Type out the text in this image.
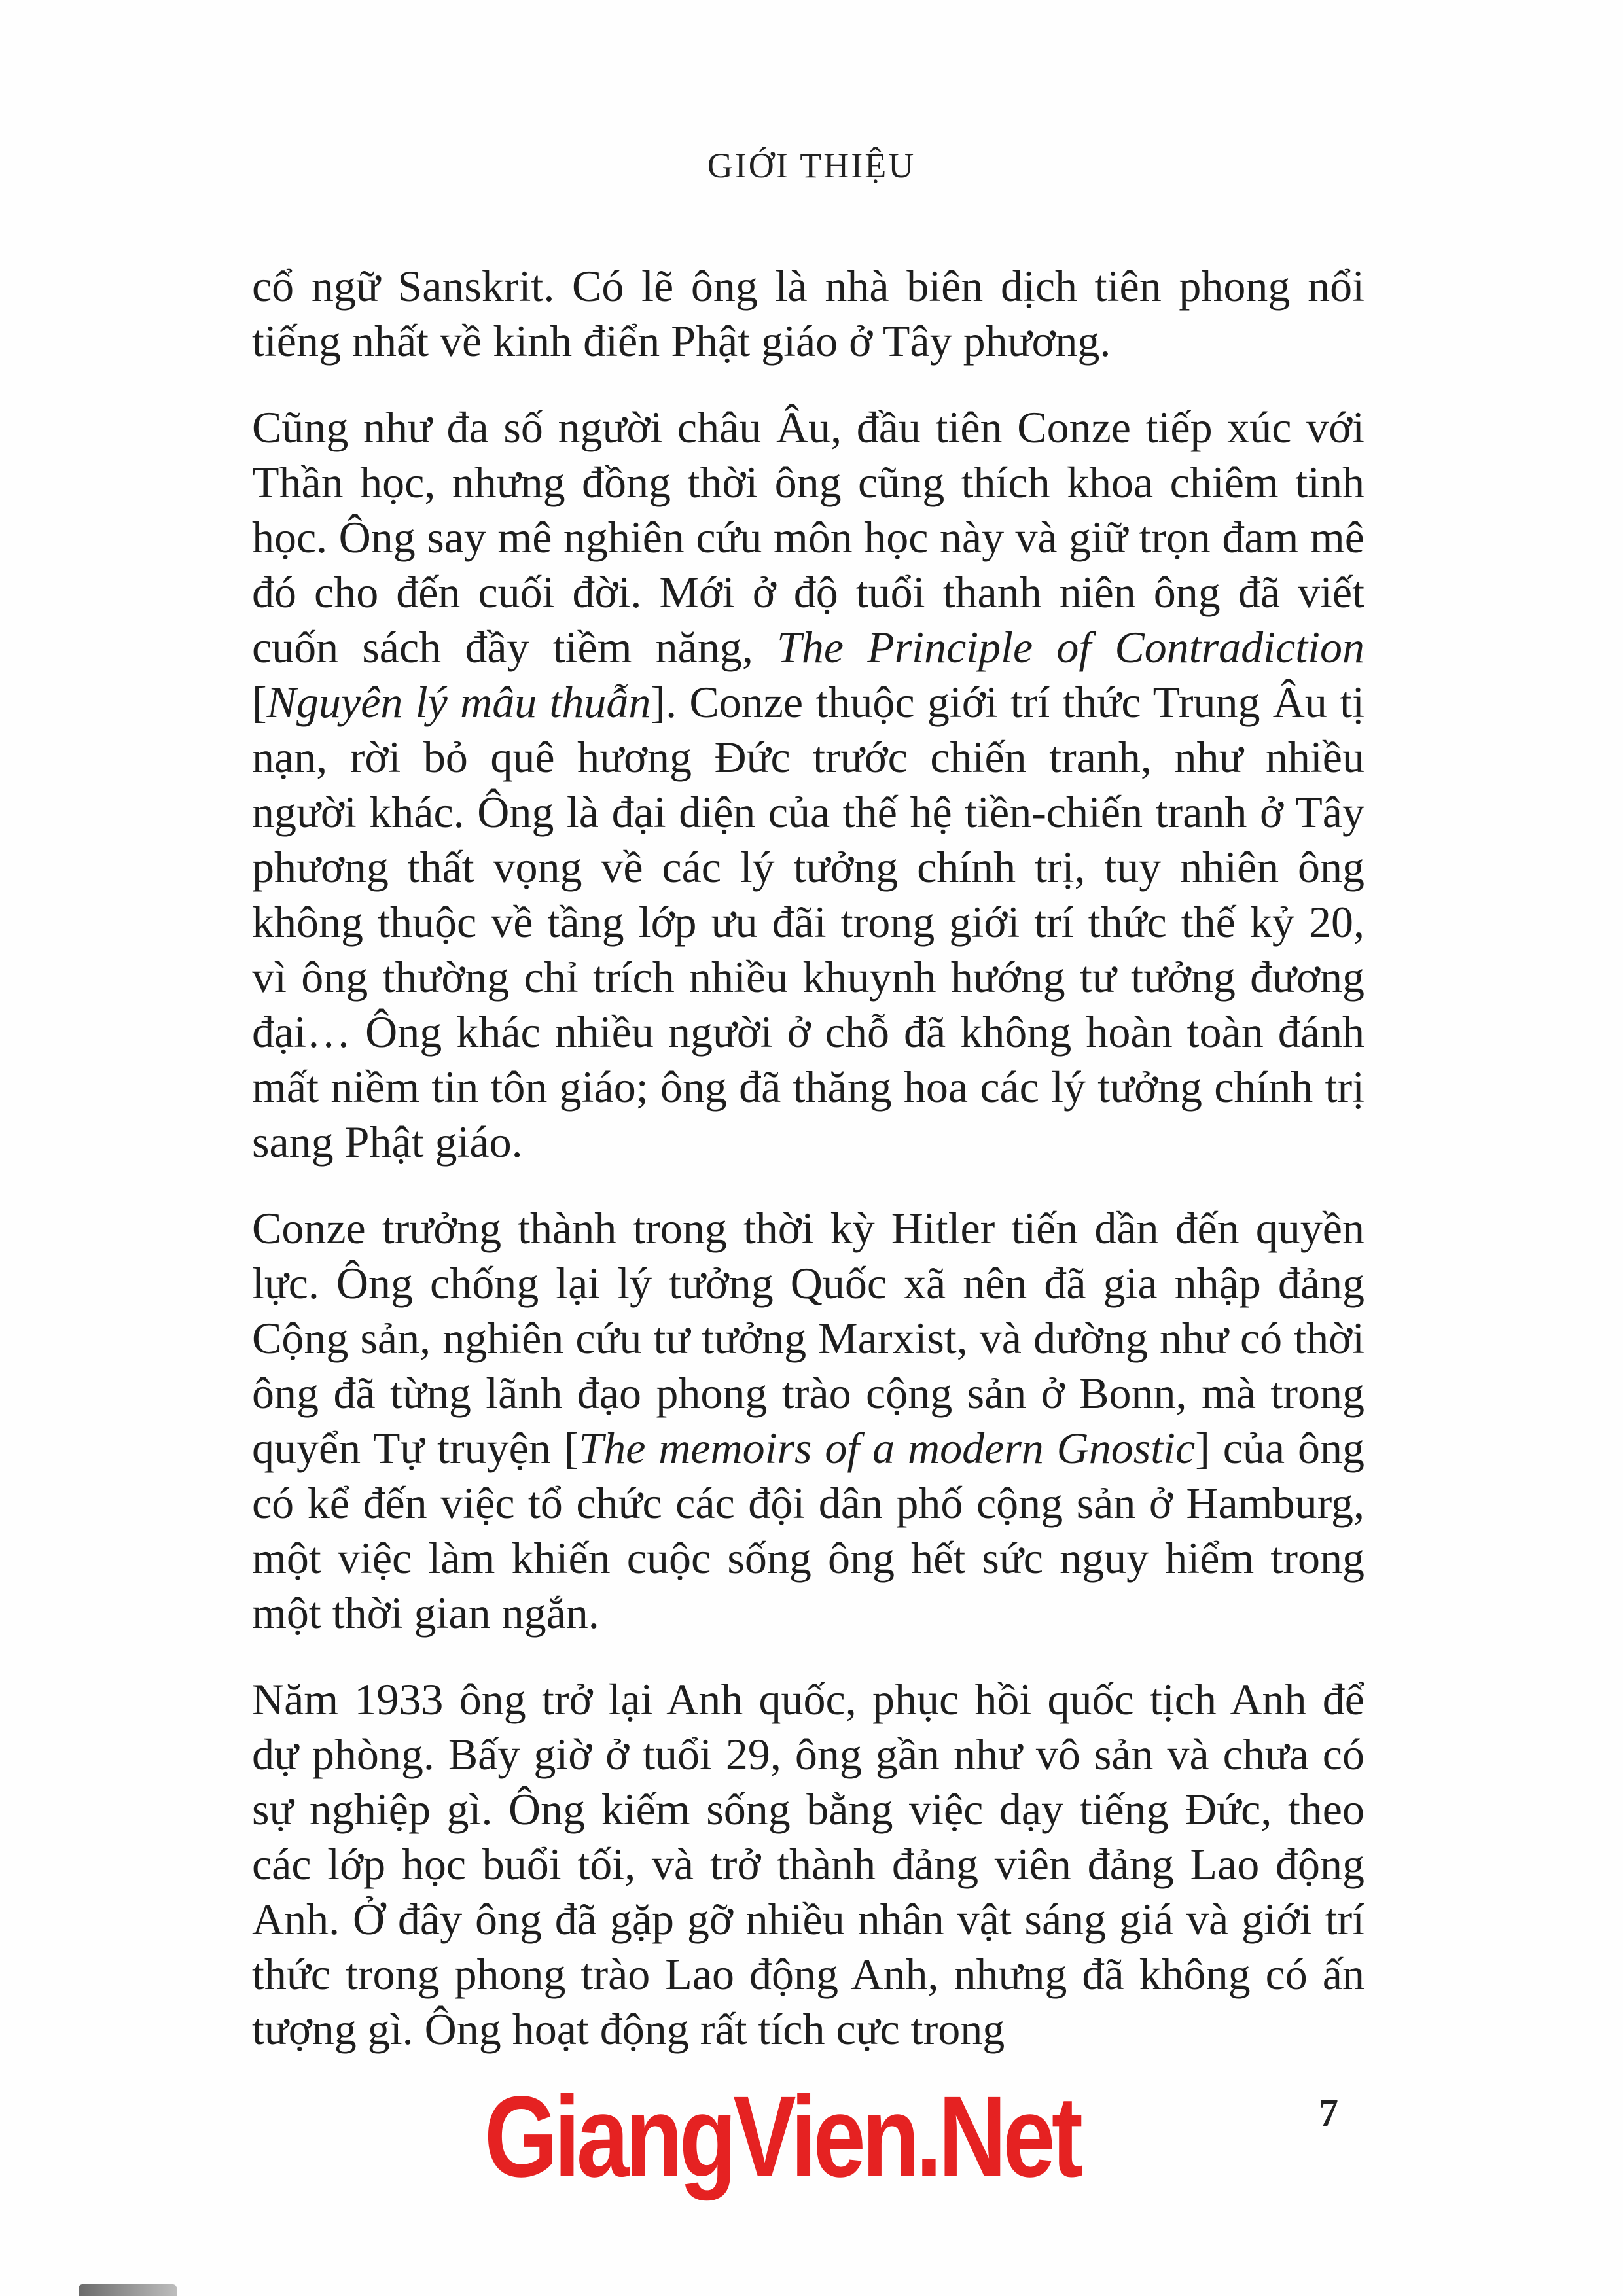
GIỚI THIỆU

cổ ngữ Sanskrit. Có lẽ ông là nhà biên dịch tiên phong nổi tiếng nhất về kinh điển Phật giáo ở Tây phương.

Cũng như đa số người châu Âu, đầu tiên Conze tiếp xúc với Thần học, nhưng đồng thời ông cũng thích khoa chiêm tinh học. Ông say mê nghiên cứu môn học này và giữ trọn đam mê đó cho đến cuối đời. Mới ở độ tuổi thanh niên ông đã viết cuốn sách đầy tiềm năng, The Principle of Contradiction [Nguyên lý mâu thuẫn]. Conze thuộc giới trí thức Trung Âu tị nạn, rời bỏ quê hương Đức trước chiến tranh, như nhiều người khác. Ông là đại diện của thế hệ tiền-chiến tranh ở Tây phương thất vọng về các lý tưởng chính trị, tuy nhiên ông không thuộc về tầng lớp ưu đãi trong giới trí thức thế kỷ 20, vì ông thường chỉ trích nhiều khuynh hướng tư tưởng đương đại… Ông khác nhiều người ở chỗ đã không hoàn toàn đánh mất niềm tin tôn giáo; ông đã thăng hoa các lý tưởng chính trị sang Phật giáo.

Conze trưởng thành trong thời kỳ Hitler tiến dần đến quyền lực. Ông chống lại lý tưởng Quốc xã nên đã gia nhập đảng Cộng sản, nghiên cứu tư tưởng Marxist, và dường như có thời ông đã từng lãnh đạo phong trào cộng sản ở Bonn, mà trong quyển Tự truyện [The memoirs of a modern Gnostic] của ông có kể đến việc tổ chức các đội dân phố cộng sản ở Hamburg, một việc làm khiến cuộc sống ông hết sức nguy hiểm trong một thời gian ngắn.

Năm 1933 ông trở lại Anh quốc, phục hồi quốc tịch Anh để dự phòng. Bấy giờ ở tuổi 29, ông gần như vô sản và chưa có sự nghiệp gì. Ông kiếm sống bằng việc dạy tiếng Đức, theo các lớp học buổi tối, và trở thành đảng viên đảng Lao động Anh. Ở đây ông đã gặp gỡ nhiều nhân vật sáng giá và giới trí thức trong phong trào Lao động Anh, nhưng đã không có ấn tượng gì. Ông hoạt động rất tích cực trong

GiangVien.Net	7
